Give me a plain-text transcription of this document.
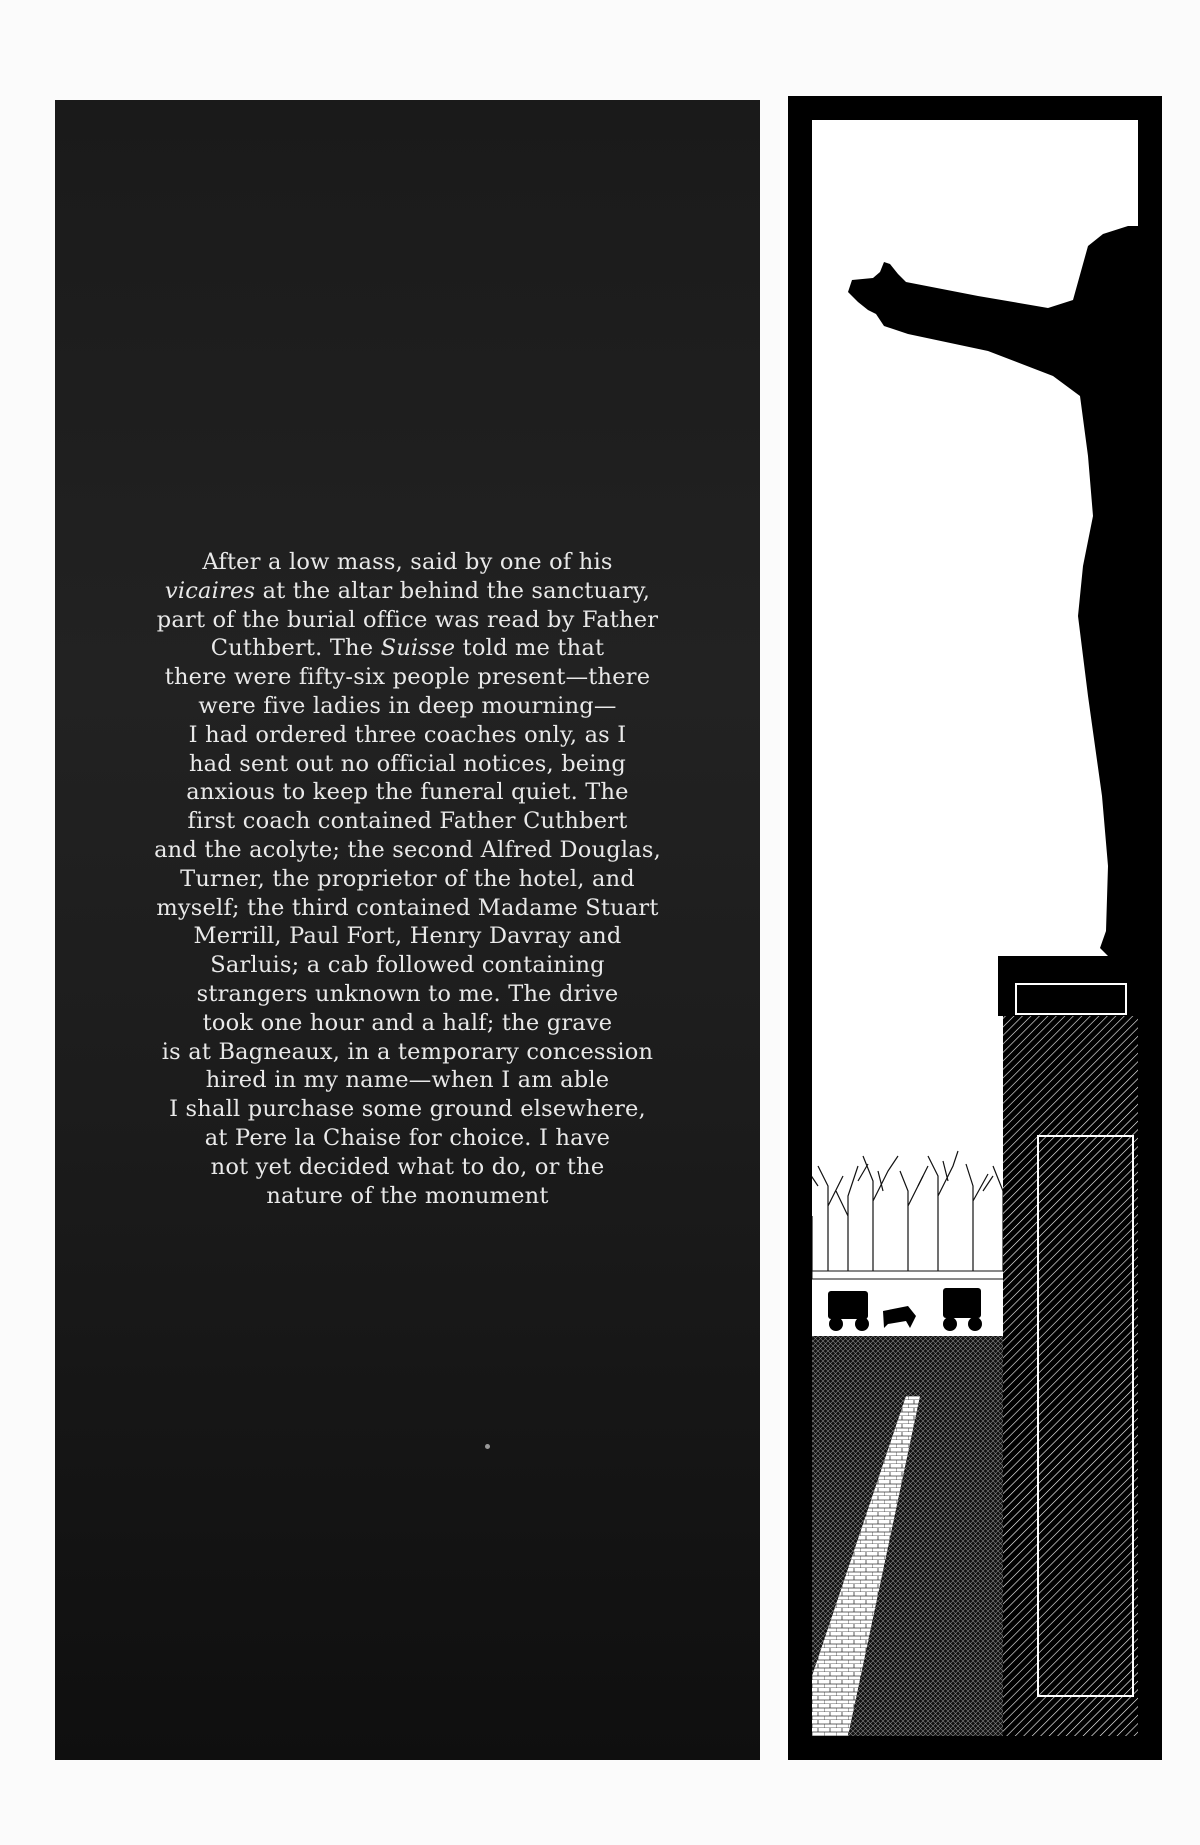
After a low mass, said by one of his
vicaires at the altar behind the sanctuary,
part of the burial office was read by Father
Cuthbert. The Suisse told me that
there were fifty-six people present—there
were five ladies in deep mourning—
I had ordered three coaches only, as I
had sent out no official notices, being
anxious to keep the funeral quiet. The
first coach contained Father Cuthbert
and the acolyte; the second Alfred Douglas,
Turner, the proprietor of the hotel, and
myself; the third contained Madame Stuart
Merrill, Paul Fort, Henry Davray and
Sarluis; a cab followed containing
strangers unknown to me. The drive
took one hour and a half; the grave
is at Bagneaux, in a temporary concession
hired in my name—when I am able
I shall purchase some ground elsewhere,
at Pere la Chaise for choice. I have
not yet decided what to do, or the
nature of the monument
